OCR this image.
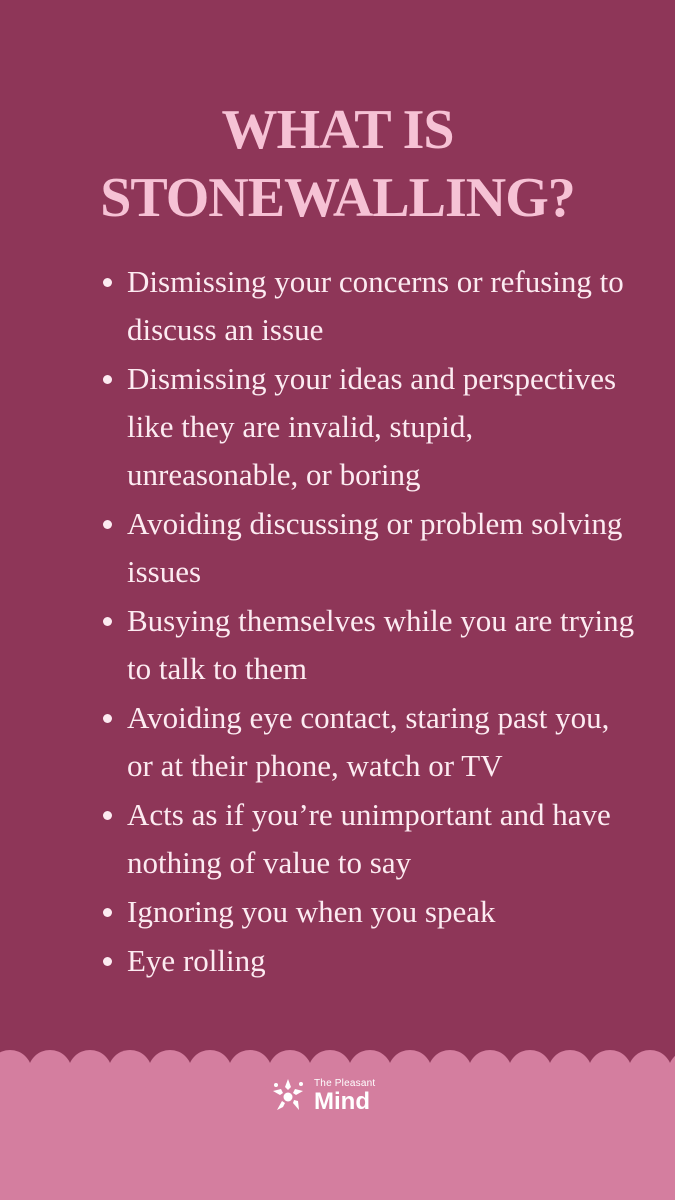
WHAT IS
STONEWALLING?
Dismissing your concerns or refusing to discuss an issue
Dismissing your ideas and perspectives like they are invalid, stupid, unreasonable, or boring
Avoiding discussing or problem solving issues
Busying themselves while you are trying to talk to them
Avoiding eye contact, staring past you, or at their phone, watch or TV
Acts as if you’re unimportant and have nothing of value to say
Ignoring you when you speak
Eye rolling
The Pleasant
Mind
